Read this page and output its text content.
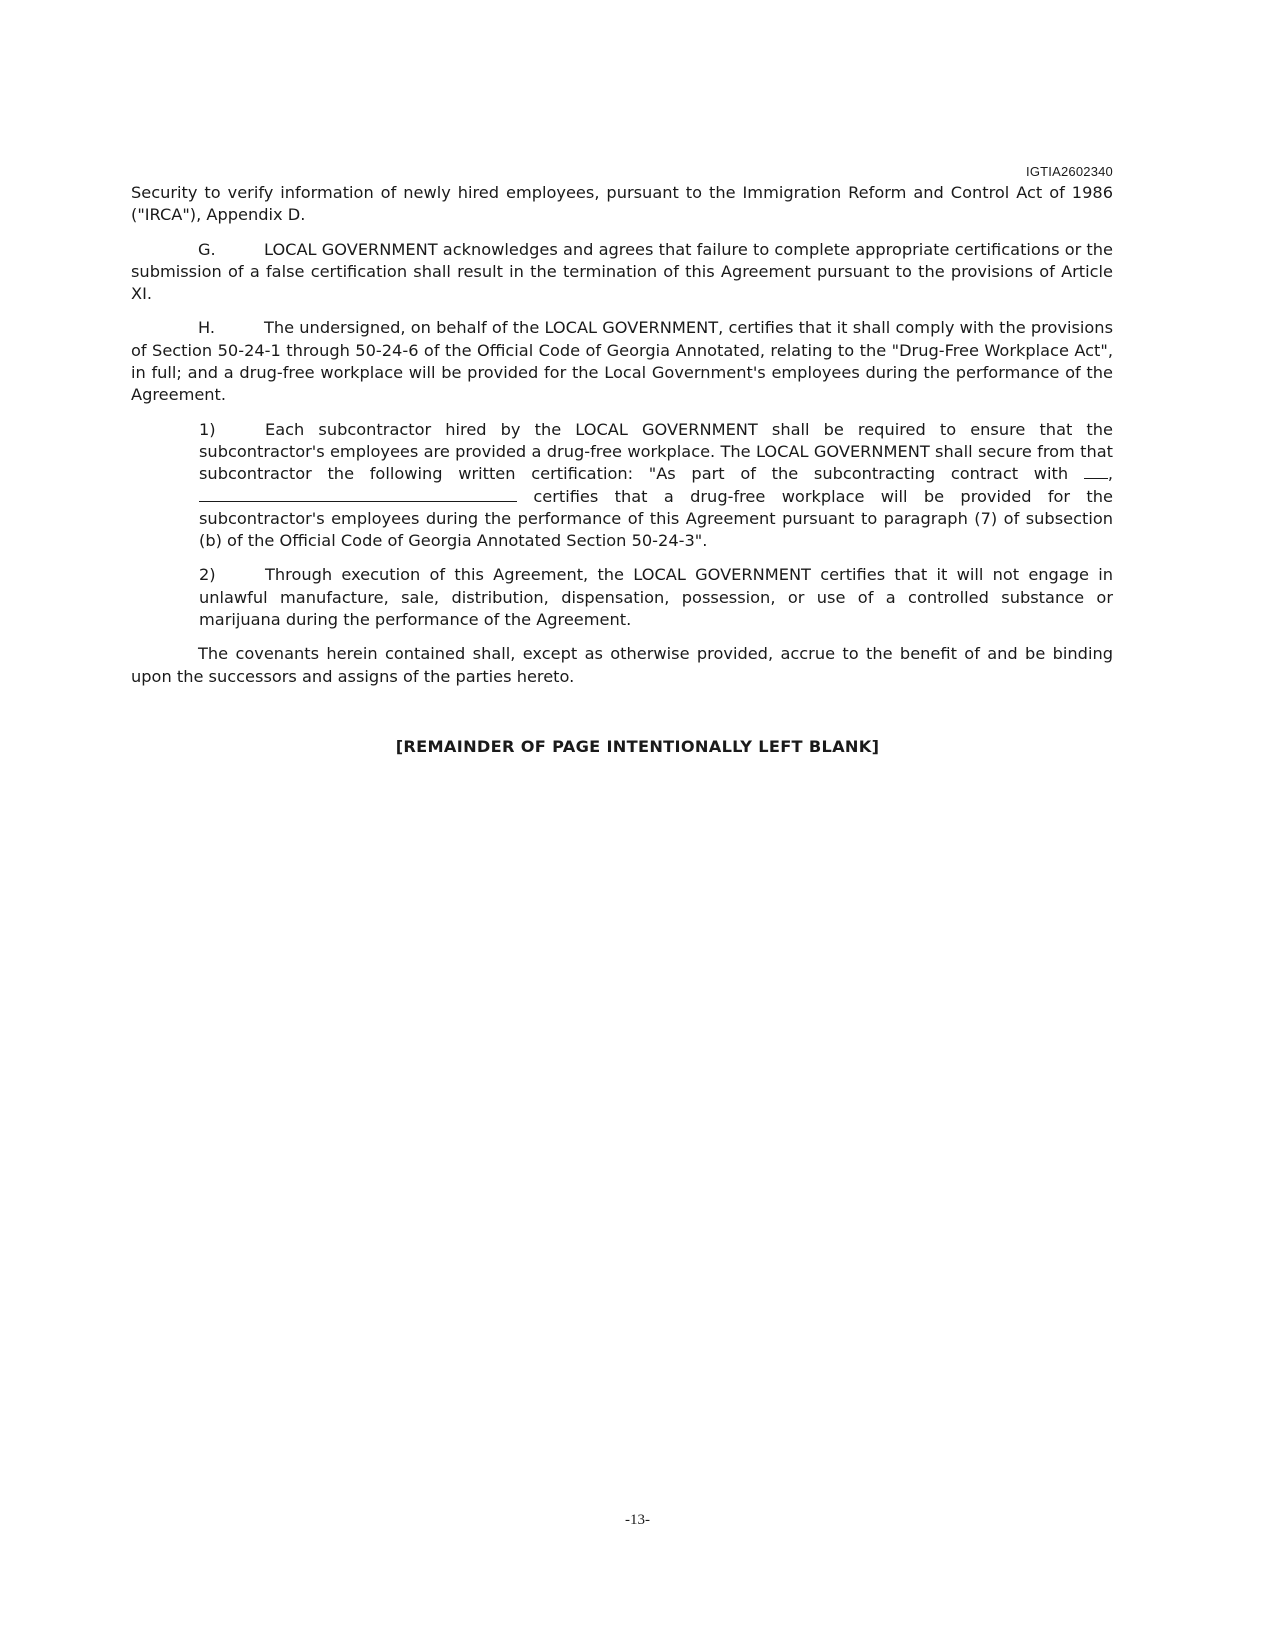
IGTIA2602340

Security to verify information of newly hired employees, pursuant to the Immigration Reform and Control Act of 1986 ("IRCA"), Appendix D.

G.	LOCAL GOVERNMENT acknowledges and agrees that failure to complete appropriate certifications or the submission of a false certification shall result in the termination of this Agreement pursuant to the provisions of Article XI.

H.	The undersigned, on behalf of the LOCAL GOVERNMENT, certifies that it shall comply with the provisions of Section 50-24-1 through 50-24-6 of the Official Code of Georgia Annotated, relating to the "Drug-Free Workplace Act", in full; and a drug-free workplace will be provided for the Local Government's employees during the performance of the Agreement.

1)	Each subcontractor hired by the LOCAL GOVERNMENT shall be required to ensure that the subcontractor's employees are provided a drug-free workplace. The LOCAL GOVERNMENT shall secure from that subcontractor the following written certification: "As part of the subcontracting contract with ,  certifies that a drug-free workplace will be provided for the subcontractor's employees during the performance of this Agreement pursuant to paragraph (7) of subsection (b) of the Official Code of Georgia Annotated Section 50-24-3".

2)	Through execution of this Agreement, the LOCAL GOVERNMENT certifies that it will not engage in unlawful manufacture, sale, distribution, dispensation, possession, or use of a controlled substance or marijuana during the performance of the Agreement.

The covenants herein contained shall, except as otherwise provided, accrue to the benefit of and be binding upon the successors and assigns of the parties hereto.

[REMAINDER OF PAGE INTENTIONALLY LEFT BLANK]
-13-
